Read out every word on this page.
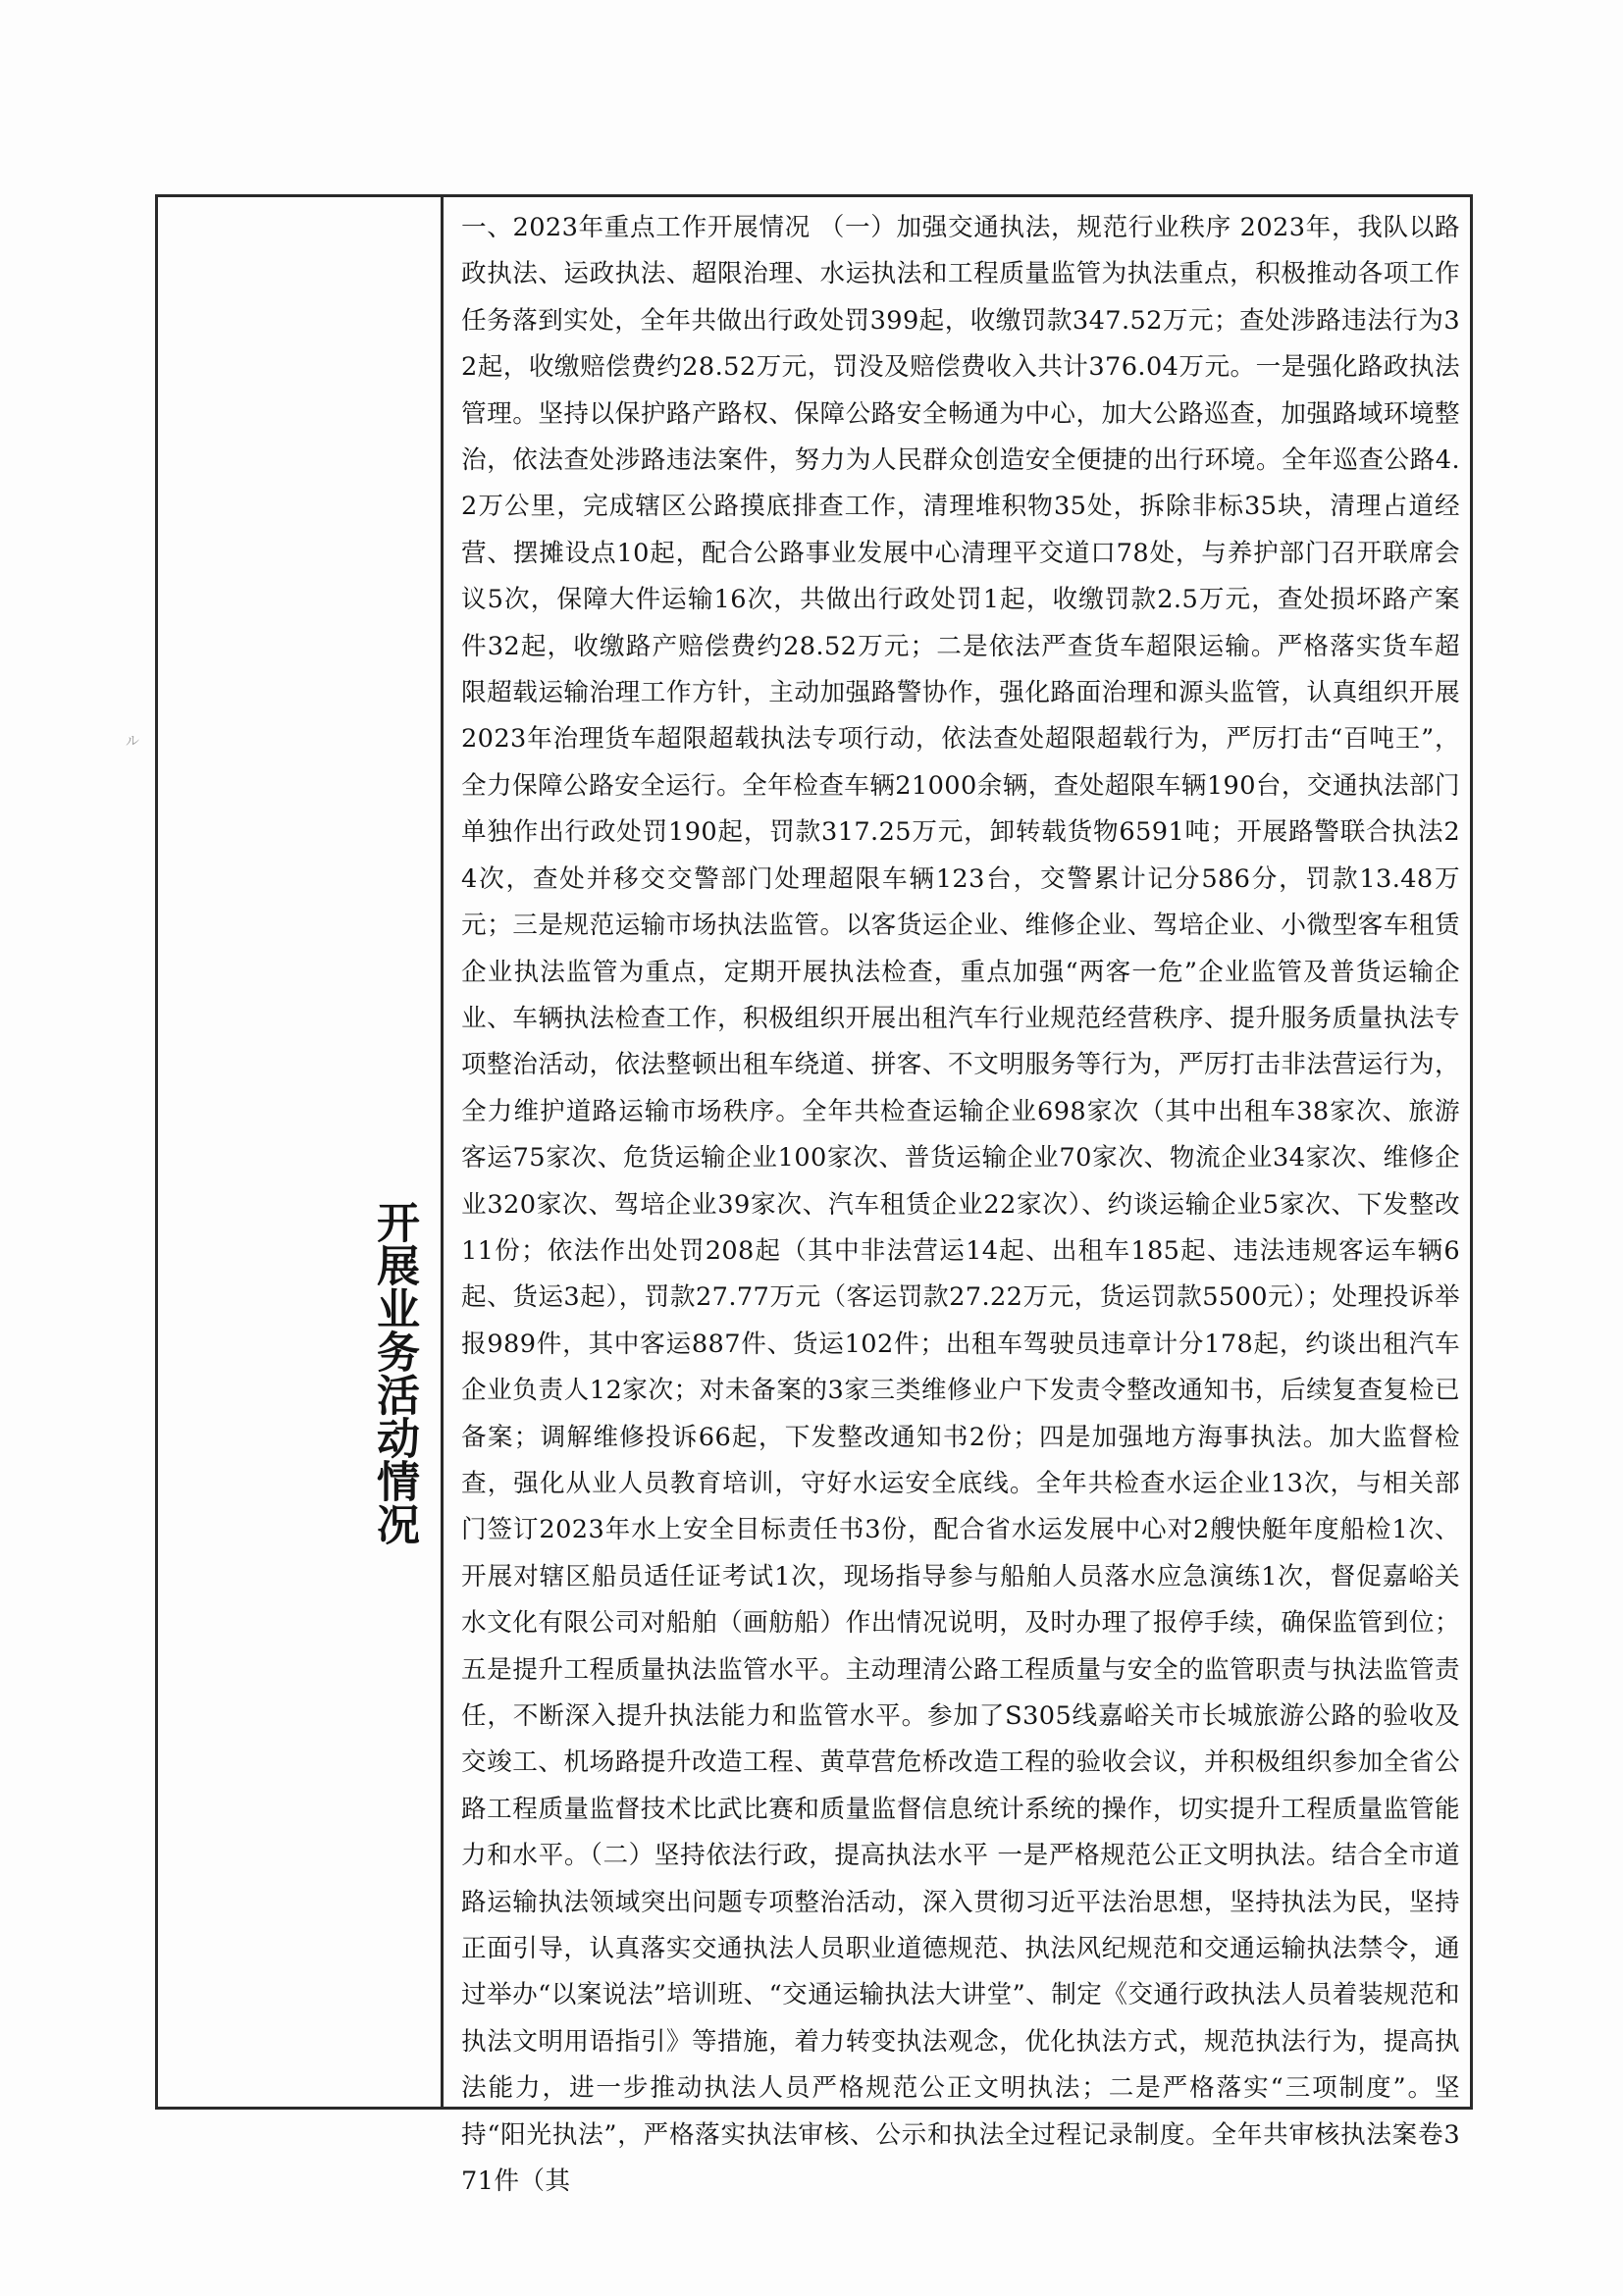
ル
开展业务活动情况

一、2023年重点工作开展情况 （一）加强交通执法，规范行业秩序 2023年，我队以路政执法、运政执法、超限治理、水运执法和工程质量监管为执法重点，积极推动各项工作任务落到实处，全年共做出行政处罚399起，收缴罚款347.52万元；查处涉路违法行为32起，收缴赔偿费约28.52万元，罚没及赔偿费收入共计376.04万元。一是强化路政执法管理。坚持以保护路产路权、保障公路安全畅通为中心，加大公路巡查，加强路域环境整治，依法查处涉路违法案件，努力为人民群众创造安全便捷的出行环境。全年巡查公路4.2万公里，完成辖区公路摸底排查工作，清理堆积物35处，拆除非标35块，清理占道经营、摆摊设点10起，配合公路事业发展中心清理平交道口78处，与养护部门召开联席会议5次，保障大件运输16次，共做出行政处罚1起，收缴罚款2.5万元，查处损坏路产案件32起，收缴路产赔偿费约28.52万元；二是依法严查货车超限运输。严格落实货车超限超载运输治理工作方针，主动加强路警协作，强化路面治理和源头监管，认真组织开展2023年治理货车超限超载执法专项行动，依法查处超限超载行为，严厉打击“百吨王”，全力保障公路安全运行。全年检查车辆21000余辆，查处超限车辆190台，交通执法部门单独作出行政处罚190起，罚款317.25万元，卸转载货物6591吨；开展路警联合执法24次，查处并移交交警部门处理超限车辆123台，交警累计记分586分，罚款13.48万元；三是规范运输市场执法监管。以客货运企业、维修企业、驾培企业、小微型客车租赁企业执法监管为重点，定期开展执法检查，重点加强“两客一危”企业监管及普货运输企业、车辆执法检查工作，积极组织开展出租汽车行业规范经营秩序、提升服务质量执法专项整治活动，依法整顿出租车绕道、拼客、不文明服务等行为，严厉打击非法营运行为，全力维护道路运输市场秩序。全年共检查运输企业698家次（其中出租车38家次、旅游客运75家次、危货运输企业100家次、普货运输企业70家次、物流企业34家次、维修企业320家次、驾培企业39家次、汽车租赁企业22家次）、约谈运输企业5家次、下发整改11份；依法作出处罚208起（其中非法营运14起、出租车185起、违法违规客运车辆6起、货运3起），罚款27.77万元（客运罚款27.22万元，货运罚款5500元）；处理投诉举报989件，其中客运887件、货运102件；出租车驾驶员违章计分178起，约谈出租汽车企业负责人12家次；对未备案的3家三类维修业户下发责令整改通知书，后续复查复检已备案；调解维修投诉66起，下发整改通知书2份；四是加强地方海事执法。加大监督检查，强化从业人员教育培训，守好水运安全底线。全年共检查水运企业13次，与相关部门签订2023年水上安全目标责任书3份，配合省水运发展中心对2艘快艇年度船检1次、开展对辖区船员适任证考试1次，现场指导参与船舶人员落水应急演练1次，督促嘉峪关水文化有限公司对船舶（画舫船）作出情况说明，及时办理了报停手续，确保监管到位；五是提升工程质量执法监管水平。主动理清公路工程质量与安全的监管职责与执法监管责任，不断深入提升执法能力和监管水平。参加了S305线嘉峪关市长城旅游公路的验收及交竣工、机场路提升改造工程、黄草营危桥改造工程的验收会议，并积极组织参加全省公路工程质量监督技术比武比赛和质量监督信息统计系统的操作，切实提升工程质量监管能力和水平。（二）坚持依法行政，提高执法水平 一是严格规范公正文明执法。结合全市道路运输执法领域突出问题专项整治活动，深入贯彻习近平法治思想，坚持执法为民，坚持正面引导，认真落实交通执法人员职业道德规范、执法风纪规范和交通运输执法禁令，通过举办“以案说法”培训班、“交通运输执法大讲堂”、制定《交通行政执法人员着装规范和执法文明用语指引》等措施，着力转变执法观念，优化执法方式，规范执法行为，提高执法能力，进一步推动执法人员严格规范公正文明执法；二是严格落实“三项制度”。坚持“阳光执法”，严格落实执法审核、公示和执法全过程记录制度。全年共审核执法案卷371件（其
